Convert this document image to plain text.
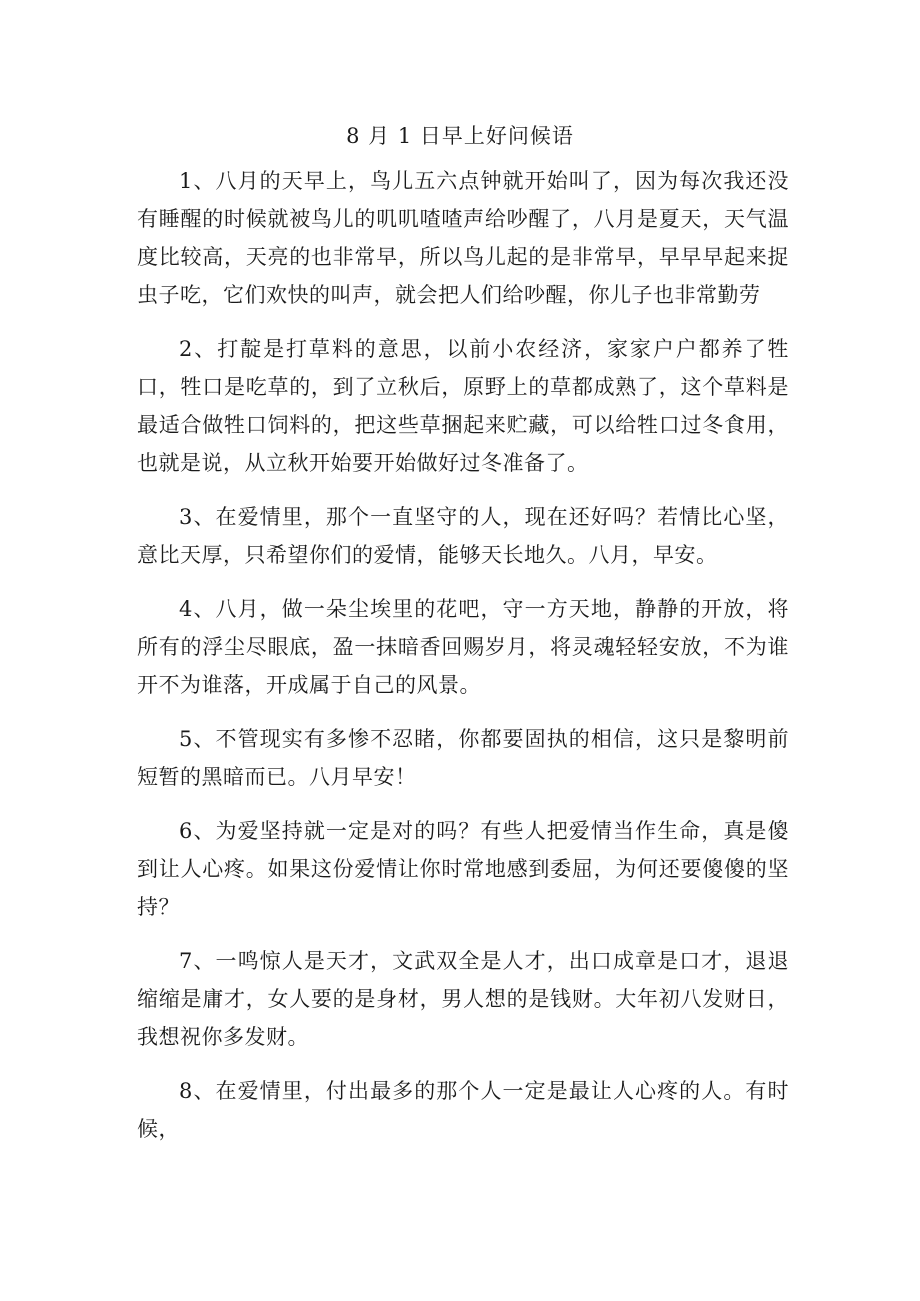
8 月 1 日早上好问候语

1、八月的天早上，鸟儿五六点钟就开始叫了，因为每次我还没有睡醒的时候就被鸟儿的叽叽喳喳声给吵醒了，八月是夏天，天气温度比较高，天亮的也非常早，所以鸟儿起的是非常早，早早早起来捉虫子吃，它们欢快的叫声，就会把人们给吵醒，你儿子也非常勤劳

2、打靛是打草料的意思，以前小农经济，家家户户都养了牲口，牲口是吃草的，到了立秋后，原野上的草都成熟了，这个草料是最适合做牲口饲料的，把这些草捆起来贮藏，可以给牲口过冬食用，也就是说，从立秋开始要开始做好过冬准备了。

3、在爱情里，那个一直坚守的人，现在还好吗？若情比心坚，意比天厚，只希望你们的爱情，能够天长地久。八月，早安。

4、八月，做一朵尘埃里的花吧，守一方天地，静静的开放，将所有的浮尘尽眼底，盈一抹暗香回赐岁月，将灵魂轻轻安放，不为谁开不为谁落，开成属于自己的风景。

5、不管现实有多惨不忍睹，你都要固执的相信，这只是黎明前短暂的黑暗而已。八月早安！

6、为爱坚持就一定是对的吗？有些人把爱情当作生命，真是傻到让人心疼。如果这份爱情让你时常地感到委屈，为何还要傻傻的坚持？

7、一鸣惊人是天才，文武双全是人才，出口成章是口才，退退缩缩是庸才，女人要的是身材，男人想的是钱财。大年初八发财日，我想祝你多发财。

8、在爱情里，付出最多的那个人一定是最让人心疼的人。有时候，
